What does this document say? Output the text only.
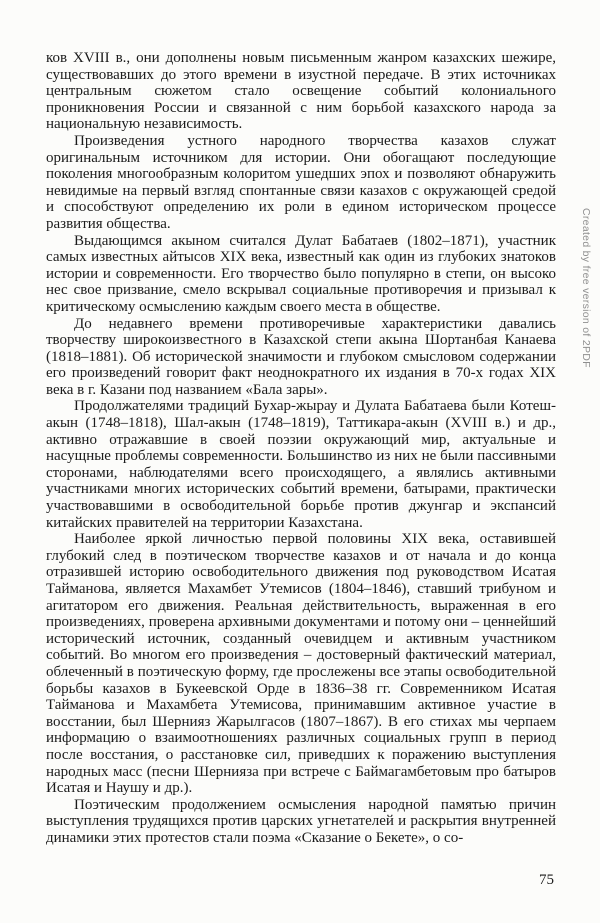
ков XVIII в., они дополнены новым письменным жанром казахских шежире, существовавших до этого времени в изустной передаче. В этих источниках центральным сюжетом стало освещение событий колониального проникновения России и связанной с ним борьбой казахского народа за национальную независимость.

Произведения устного народного творчества казахов служат оригинальным источником для истории. Они обогащают последующие поколения многообразным колоритом ушедших эпох и позволяют обнаружить невидимые на первый взгляд спонтанные связи казахов с окружающей средой и способствуют определению их роли в едином историческом процессе развития общества.

Выдающимся акыном считался Дулат Бабатаев (1802–1871), участник самых известных айтысов XIX века, известный как один из глубоких знатоков истории и современности. Его творчество было популярно в степи, он высоко нес свое призвание, смело вскрывал социальные противоречия и призывал к критическому осмыслению каждым своего места в обществе.

До недавнего времени противоречивые характеристики давались творчеству широкоизвестного в Казахской степи акына Шортанбая Канаева (1818–1881). Об исторической значимости и глубоком смысловом содержании его произведений говорит факт неоднократного их издания в 70-х годах XIX века в г. Казани под названием «Бала зары».

Продолжателями традиций Бухар-жырау и Дулата Бабатаева были Котеш-акын (1748–1818), Шал-акын (1748–1819), Таттикара-акын (XVIII в.) и др., активно отражавшие в своей поэзии окружающий мир, актуальные и насущные проблемы современности. Большинство из них не были пассивными сторонами, наблюдателями всего происходящего, а являлись активными участниками многих исторических событий времени, батырами, практически участвовавшими в освободительной борьбе против джунгар и экспансий китайских правителей на территории Казахстана.

Наиболее яркой личностью первой половины XIX века, оставившей глубокий след в поэтическом творчестве казахов и от начала и до конца отразившей историю освободительного движения под руководством Исатая Тайманова, является Махамбет Утемисов (1804–1846), ставший трибуном и агитатором его движения. Реальная действительность, выраженная в его произведениях, проверена архивными документами и потому они – ценнейший исторический источник, созданный очевидцем и активным участником событий. Во многом его произведения – достоверный фактический материал, облеченный в поэтическую форму, где прослежены все этапы освободительной борьбы казахов в Букеевской Орде в 1836–38 гг. Современником Исатая Тайманова и Махамбета Утемисова, принимавшим активное участие в восстании, был Шернияз Жарылгасов (1807–1867). В его стихах мы черпаем информацию о взаимоотношениях различных социальных групп в период после восстания, о расстановке сил, приведших к поражению выступления народных масс (песни Шернияза при встрече с Баймагамбетовым про батыров Исатая и Наушу и др.).

Поэтическим продолжением осмысления народной памятью причин выступления трудящихся против царских угнетателей и раскрытия внутренней динамики этих протестов стали поэма «Сказание о Бекете», о со-

Created by free version of 2PDF
75
